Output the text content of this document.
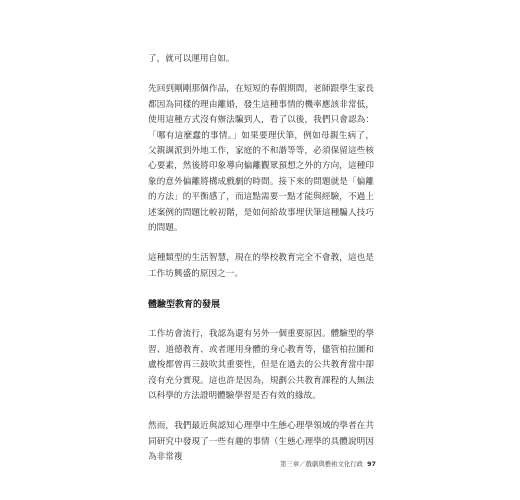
了，就可以運用自如。

先回到剛剛那個作品，在短短的春假期間，老師跟學生家長都因為同樣的理由離婚，發生這種事情的機率應該非常低，使用這種方式沒有辦法騙到人，看了以後，我們只會認為：「哪有這麼蠢的事情。」如果要理伏筆，例如母親生病了，父親調派到外地工作，家庭的不和諧等等，必須保留這些核心要素，然後將印象導向偏離觀眾預想之外的方向，這種印象的意外偏離將構成戲劇的時間。接下來的問題就是「偏離的方法」的平衡感了，而這點需要一點才能與經驗，不過上述案例的問題比較初階，是如何給故事埋伏筆這種騙人技巧的問題。

這種類型的生活智慧，現在的學校教育完全不會教，這也是工作坊興盛的原因之一。

體驗型教育的發展

工作坊會流行，我認為還有另外一個重要原因。體驗型的學習、道德教育、或者運用身體的身心教育等，儘管柏拉圖和盧梭都曾再三鼓吹其重要性，但是在過去的公共教育當中卻沒有充分實現。這也許是因為，規劃公共教育課程的人無法以科學的方法證明體驗學習是否有效的緣故。

然而，我們最近與認知心理學中生態心理學領域的學者在共同研究中發現了一些有趣的事情（生態心理學的具體說明因為非常複

第三章／戲劇與藝術文化行政 97
